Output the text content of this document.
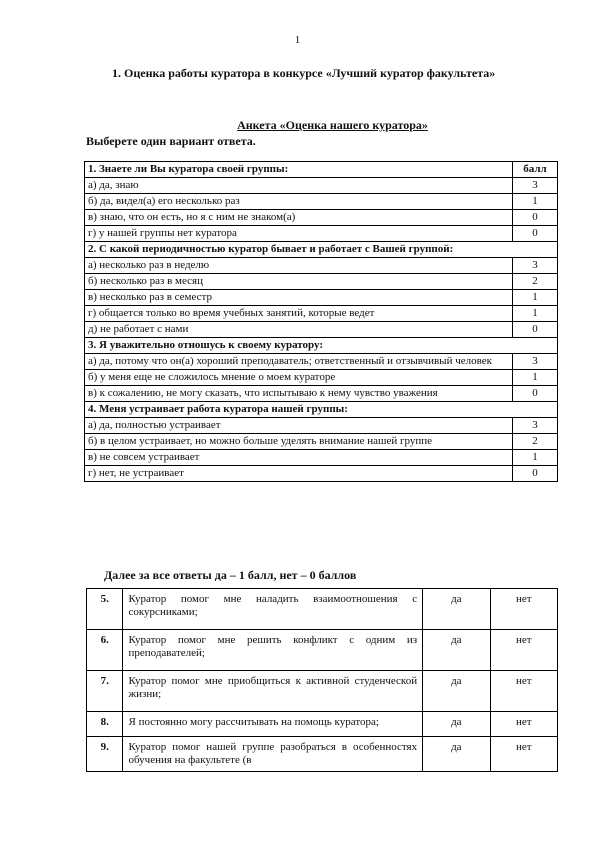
1
1. Оценка работы куратора в конкурсе «Лучший куратор факультета»
Анкета «Оценка нашего куратора»
Выберете один вариант ответа.
1. Знаете ли Вы куратора своей группы:	балл
а) да, знаю	3
б) да, видел(а) его несколько раз	1
в) знаю, что он есть, но я с ним не знаком(а)	0
г) у нашей группы нет куратора	0
2. С какой периодичностью куратор бывает и работает с Вашей группой:	
а) несколько раз в неделю	3
б) несколько раз в месяц	2
в) несколько раз в семестр	1
г) общается только во время учебных занятий, которые ведет	1
д) не работает с нами	0
3. Я уважительно отношусь к своему куратору:	
а) да, потому что он(а) хороший преподаватель; ответственный и отзывчивый человек	3
б) у меня еще не сложилось мнение о моем кураторе	1
в) к сожалению, не могу сказать, что испытываю к нему чувство уважения	0
4. Меня устраивает работа куратора нашей группы:	
а) да, полностью устраивает	3
б) в целом устраивает, но можно больше уделять внимание нашей группе	2
в) не совсем устраивает	1
г) нет, не устраивает	0
Далее за все ответы да – 1 балл, нет – 0 баллов
5.	Куратор помог мне наладить взаимоотношения с сокурсниками;	да	нет
6.	Куратор помог мне решить конфликт с одним из преподавателей;	да	нет
7.	Куратор помог мне приобщиться к активной студенческой жизни;	да	нет
8.	Я постоянно могу рассчитывать на помощь куратора;	да	нет
9.	Куратор помог нашей группе разобраться в особенностях обучения на факультете (в	да	нет
